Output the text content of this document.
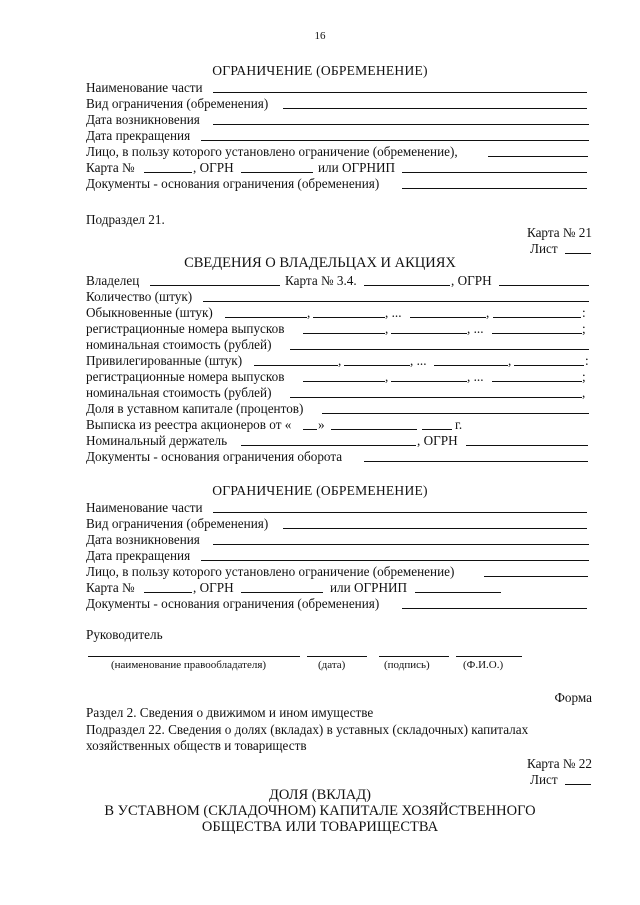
16
ОГРАНИЧЕНИЕ (ОБРЕМЕНЕНИЕ)
Наименование части
Вид ограничения (обременения)
Дата возникновения
Дата прекращения
Лицо, в пользу которого установлено ограничение (обременение),
Карта №	, ОГРН	или ОГРНИП
Документы - основания ограничения (обременения)
Подраздел 21.
Карта № 21
Лист
СВЕДЕНИЯ О ВЛАДЕЛЬЦАХ И АКЦИЯХ
Владелец	Карта № 3.4.	, ОГРН
Количество (штук)
Обыкновенные (штук)	,	, ...	,	:
регистрационные номера выпусков	,	, ...	;
номинальная стоимость (рублей)
Привилегированные (штук)	,	, ...	,	:
регистрационные номера выпусков	,	, ...	;
номинальная стоимость (рублей)	,
Доля в уставном капитале (процентов)
Выписка из реестра акционеров от « »	г.
Номинальный держатель	, ОГРН
Документы - основания ограничения оборота
ОГРАНИЧЕНИЕ (ОБРЕМЕНЕНИЕ)
Наименование части
Вид ограничения (обременения)
Дата возникновения
Дата прекращения
Лицо, в пользу которого установлено ограничение (обременение)
Карта №	, ОГРН	или ОГРНИП
Документы - основания ограничения (обременения)
Руководитель
(наименование правообладателя)	(дата)	(подпись)	(Ф.И.О.)
Форма
Раздел 2. Сведения о движимом и ином имуществе
Подраздел 22. Сведения о долях (вкладах) в уставных (складочных) капиталах
хозяйственных обществ и товариществ
Карта № 22
Лист
ДОЛЯ (ВКЛАД)
В УСТАВНОМ (СКЛАДОЧНОМ) КАПИТАЛЕ ХОЗЯЙСТВЕННОГО
ОБЩЕСТВА ИЛИ ТОВАРИЩЕСТВА
